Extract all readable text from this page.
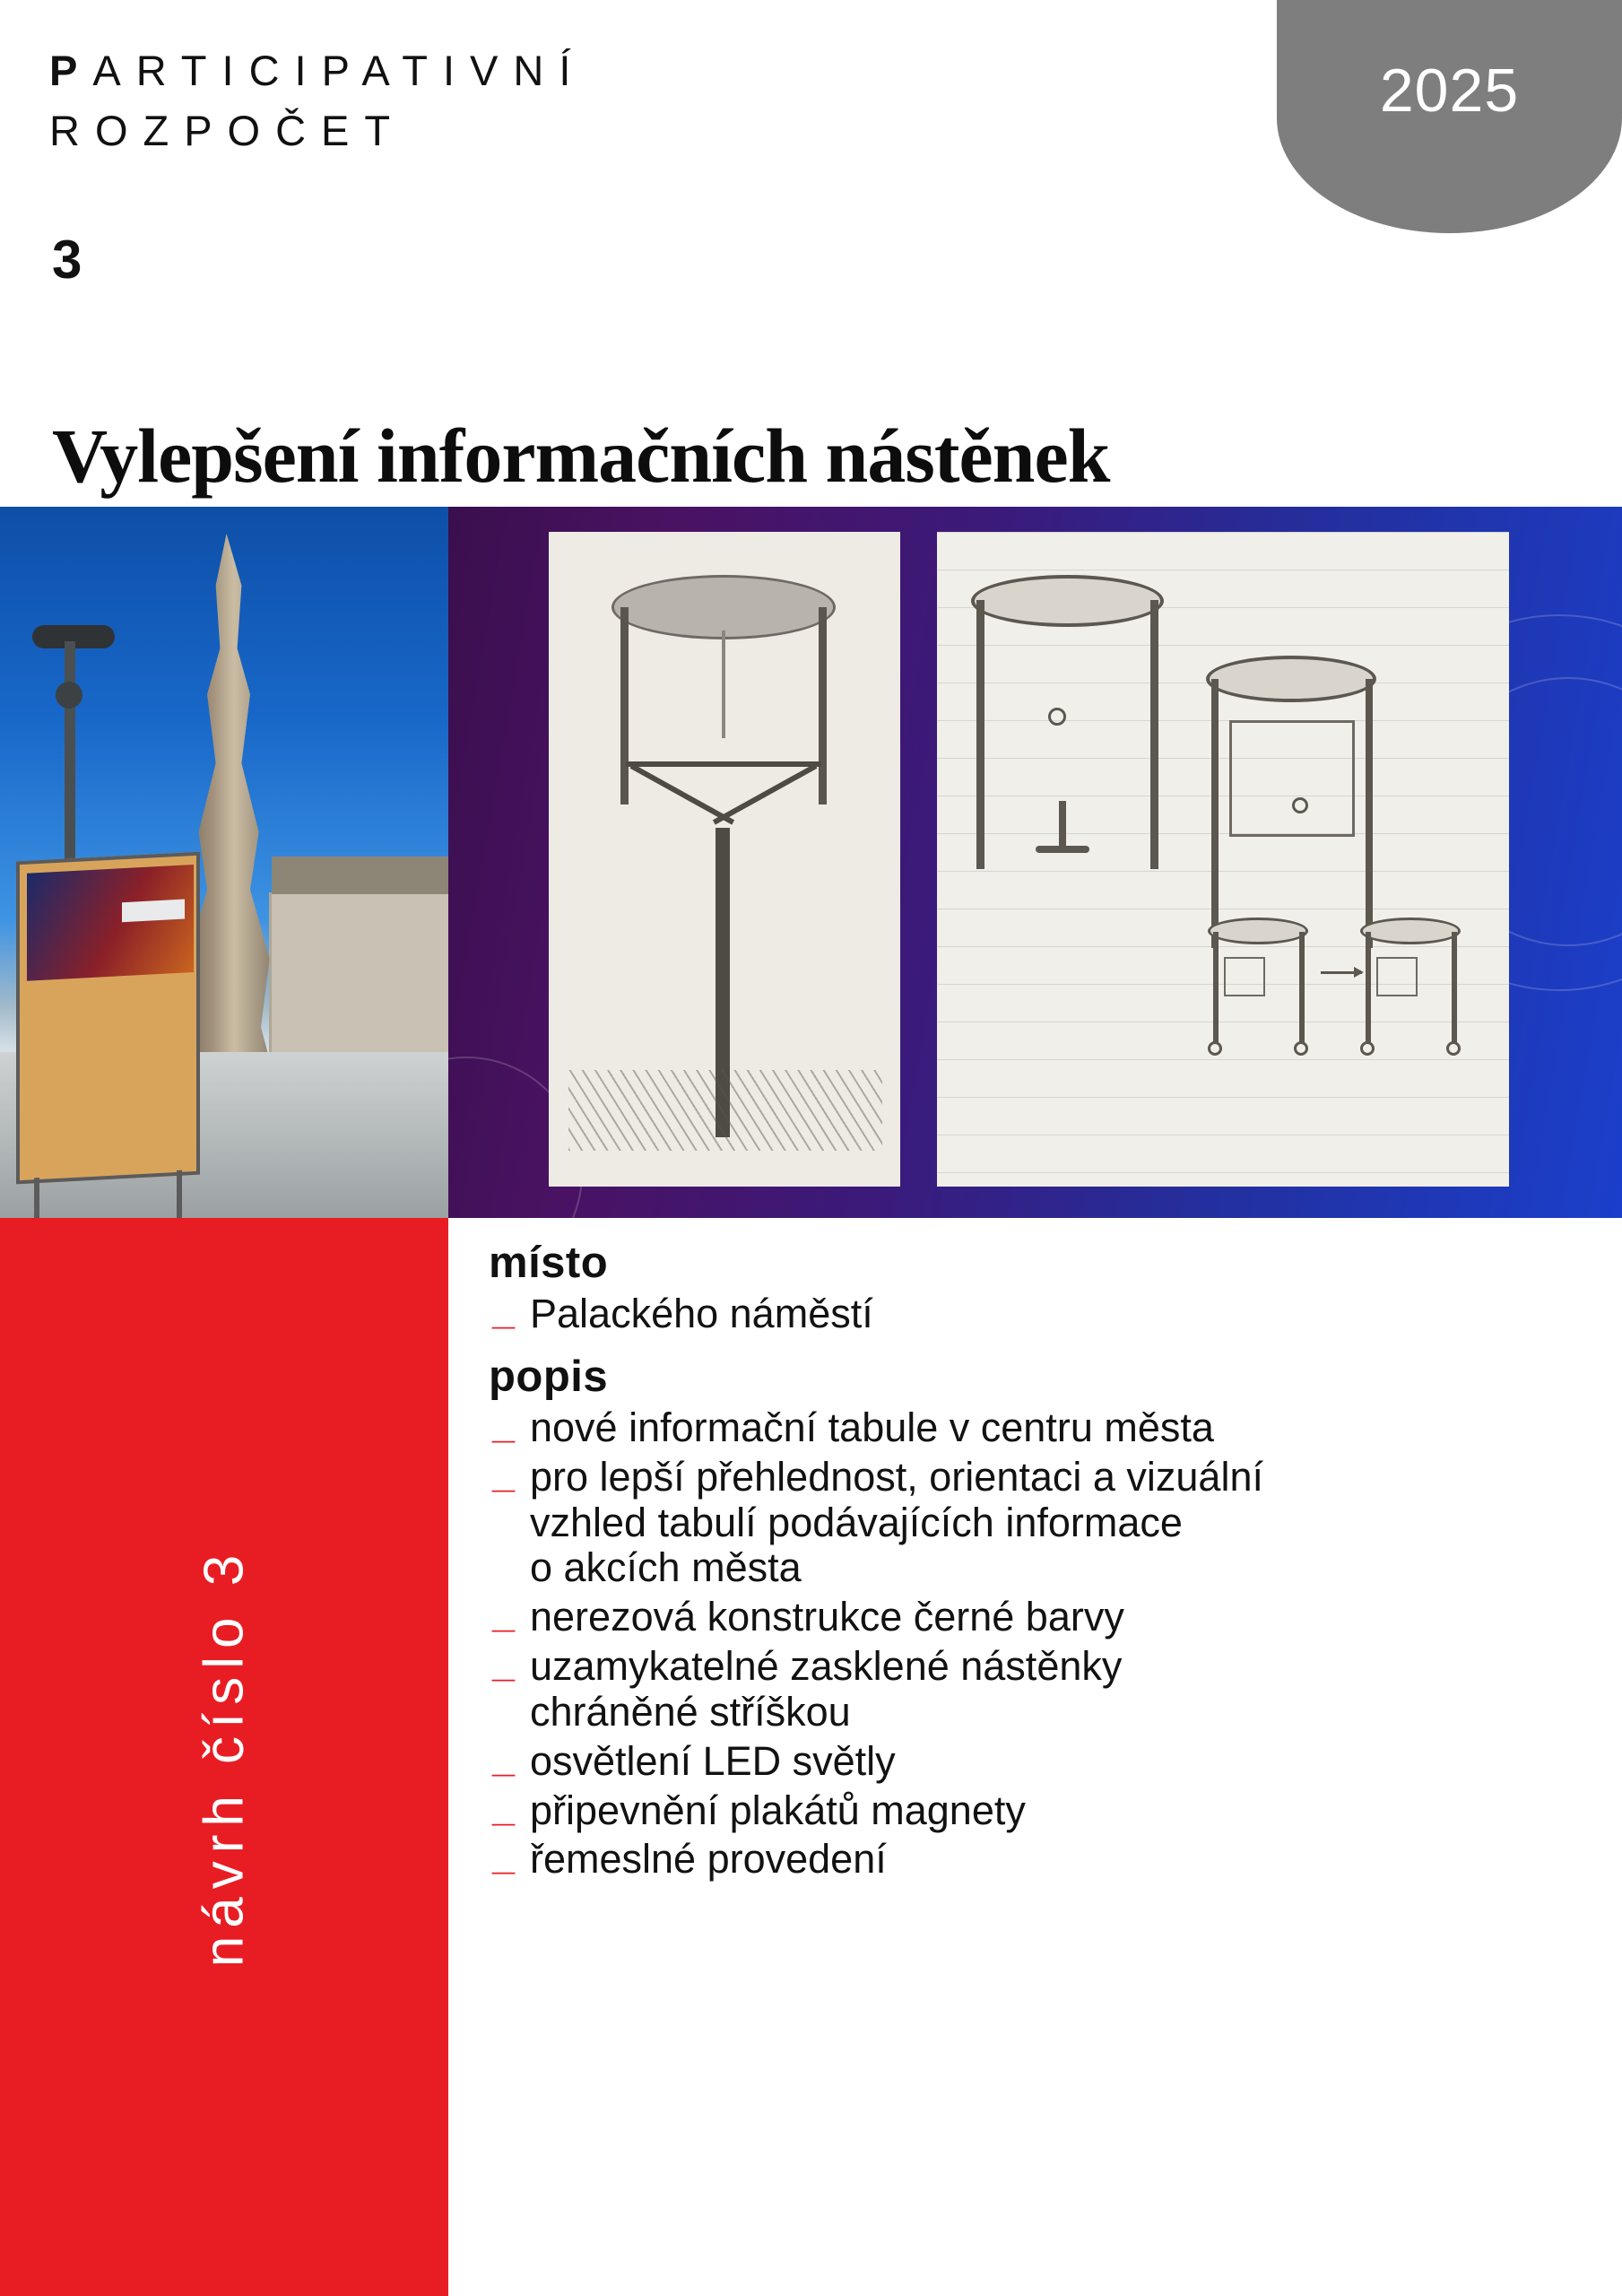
PARTICIPATIVNÍ
ROZPOČET
3
2025
Vylepšení informačních nástěnek
návrh číslo 3
místo
_ Palackého náměstí
popis
_ nové informační tabule v centru města
_ pro lepší přehlednost, orientaci a vizuální
vzhled tabulí podávajících informace
o akcích města
_ nerezová konstrukce černé barvy
_ uzamykatelné zasklené nástěnky
chráněné stříškou
_ osvětlení LED světly
_ připevnění plakátů magnety
_ řemeslné provedení
